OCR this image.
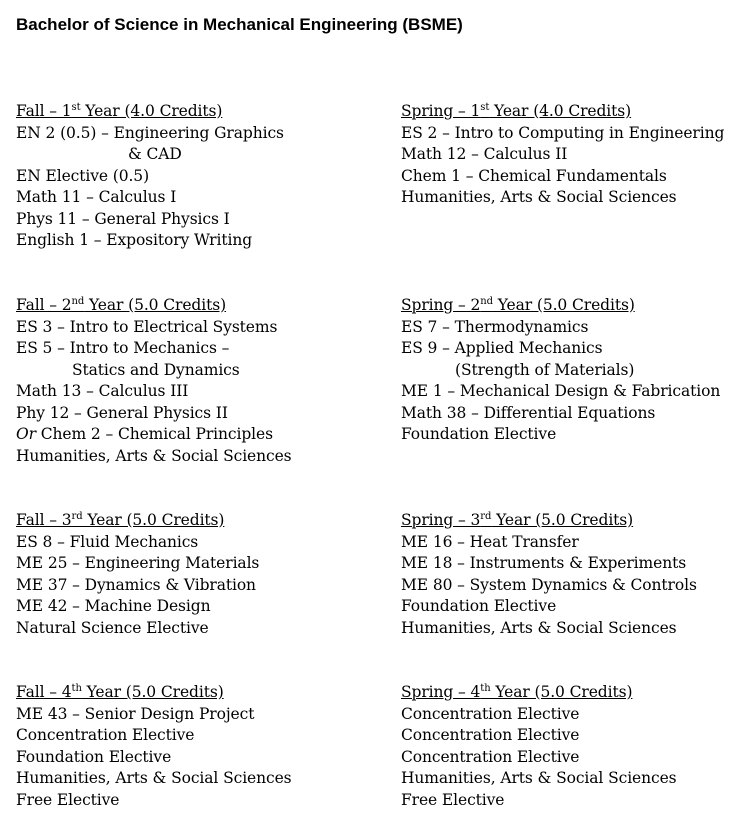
Bachelor of Science in Mechanical Engineering (BSME)
Fall – 1st Year (4.0 Credits)
EN 2 (0.5) – Engineering Graphics
& CAD
EN Elective (0.5)
Math 11 – Calculus I
Phys 11 – General Physics I
English 1 – Expository Writing
Spring – 1st Year (4.0 Credits)
ES 2 – Intro to Computing in Engineering
Math 12 – Calculus II
Chem 1 – Chemical Fundamentals
Humanities, Arts & Social Sciences
Fall – 2nd Year (5.0 Credits)
ES 3 – Intro to Electrical Systems
ES 5 – Intro to Mechanics –
Statics and Dynamics
Math 13 – Calculus III
Phy 12 – General Physics II
Or Chem 2 – Chemical Principles
Humanities, Arts & Social Sciences
Spring – 2nd Year (5.0 Credits)
ES 7 – Thermodynamics
ES 9 – Applied Mechanics
(Strength of Materials)
ME 1 – Mechanical Design & Fabrication
Math 38 – Differential Equations
Foundation Elective
Fall – 3rd Year (5.0 Credits)
ES 8 – Fluid Mechanics
ME 25 – Engineering Materials
ME 37 – Dynamics & Vibration
ME 42 – Machine Design
Natural Science Elective
Spring – 3rd Year (5.0 Credits)
ME 16 – Heat Transfer
ME 18 – Instruments & Experiments
ME 80 – System Dynamics & Controls
Foundation Elective
Humanities, Arts & Social Sciences
Fall – 4th Year (5.0 Credits)
ME 43 – Senior Design Project
Concentration Elective
Foundation Elective
Humanities, Arts & Social Sciences
Free Elective
Spring – 4th Year (5.0 Credits)
Concentration Elective
Concentration Elective
Concentration Elective
Humanities, Arts & Social Sciences
Free Elective
